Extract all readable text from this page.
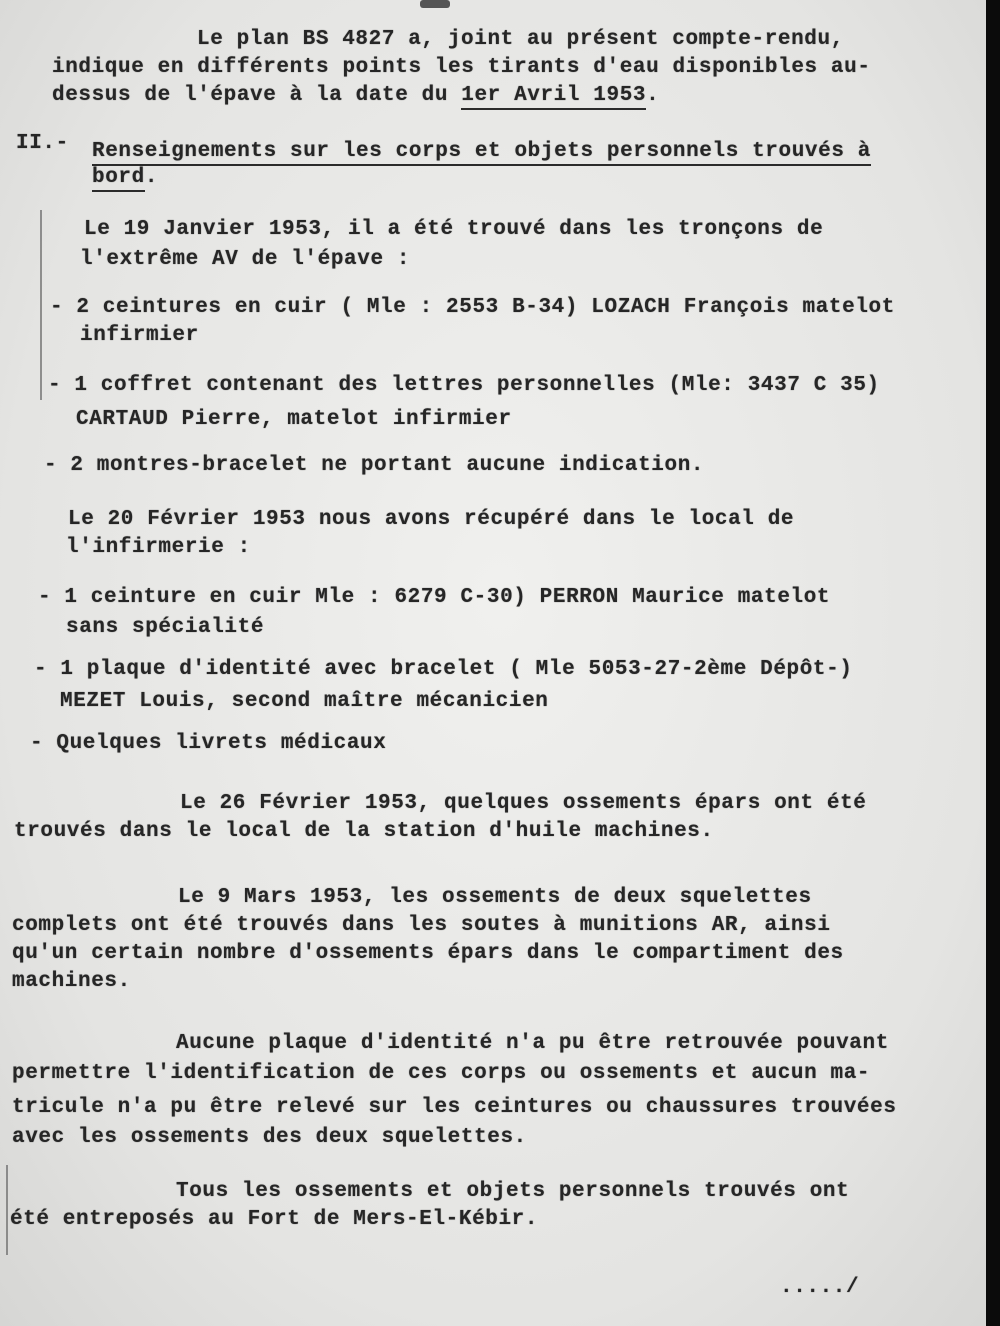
Le plan BS 4827 a, joint au présent compte-rendu,

indique en différents points les tirants d'eau disponibles au-

dessus de l'épave à la date du 1er Avril 1953.

II.- Renseignements sur les corps et objets personnels trouvés à

bord.

Le 19 Janvier 1953, il a été trouvé dans les tronçons de

l'extrême AV de l'épave :

- 2 ceintures en cuir ( Mle : 2553 B-34) LOZACH François matelot

infirmier

- 1 coffret contenant des lettres personnelles (Mle: 3437 C 35)

CARTAUD Pierre, matelot infirmier

- 2 montres-bracelet ne portant aucune indication.

Le 20 Février 1953 nous avons récupéré dans le local de

l'infirmerie :

- 1 ceinture en cuir Mle : 6279 C-30) PERRON Maurice matelot

sans spécialité

- 1 plaque d'identité avec bracelet ( Mle 5053-27-2ème Dépôt-)

MEZET Louis, second maître mécanicien

- Quelques livrets médicaux

Le 26 Février 1953, quelques ossements épars ont été

trouvés dans le local de la station d'huile machines.

Le 9 Mars 1953, les ossements de deux squelettes

complets ont été trouvés dans les soutes à munitions AR, ainsi

qu'un certain nombre d'ossements épars dans le compartiment des

machines.

Aucune plaque d'identité n'a pu être retrouvée pouvant

permettre l'identification de ces corps ou ossements et aucun ma-

tricule n'a pu être relevé sur les ceintures ou chaussures trouvées

avec les ossements des deux squelettes.

Tous les ossements et objets personnels trouvés ont

été entreposés au Fort de Mers-El-Kébir.

...../
